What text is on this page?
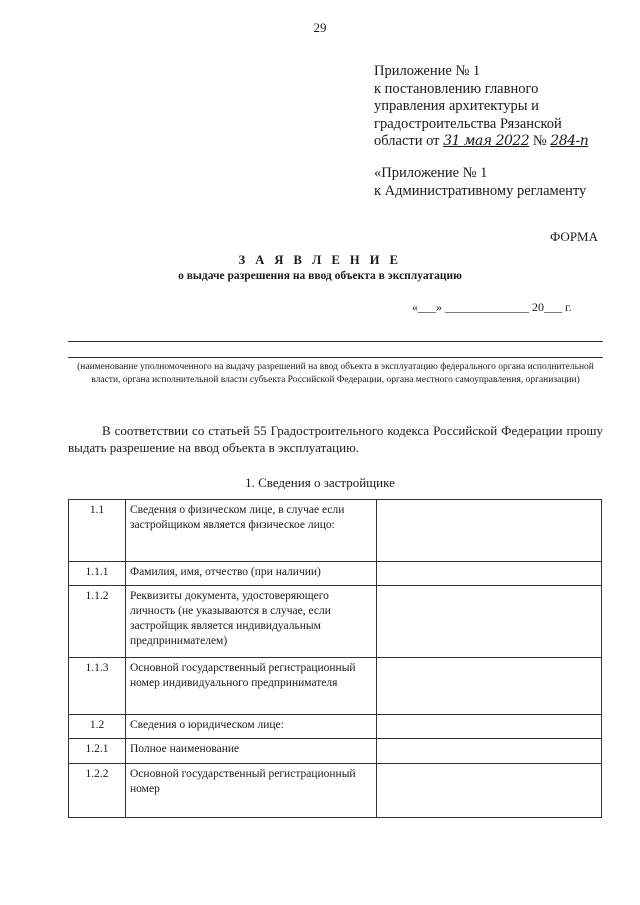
29
Приложение № 1
к постановлению главного
управления архитектуры и
градостроительства Рязанской
области от 31 мая 2022 № 284-п
«Приложение № 1
к Административному регламенту
ФОРМА
З А Я В Л Е Н И Е
о выдаче разрешения на ввод объекта в эксплуатацию
«___» ______________ 20___ г.
(наименование уполномоченного на выдачу разрешений на ввод объекта в эксплуатацию федерального органа исполнительной власти, органа исполнительной власти субъекта Российской Федерации, органа местного самоуправления, организации)
В соответствии со статьей 55 Градостроительного кодекса Российской Федерации прошу выдать разрешение на ввод объекта в эксплуатацию.
1. Сведения о застройщике
1.1	Сведения о физическом лице, в случае если застройщиком является физическое лицо:	
1.1.1	Фамилия, имя, отчество (при наличии)	
1.1.2	Реквизиты документа, удостоверяющего личность (не указываются в случае, если застройщик является индивидуальным предпринимателем)	
1.1.3	Основной государственный регистрационный номер индивидуального предпринимателя	
1.2	Сведения о юридическом лице:	
1.2.1	Полное наименование	
1.2.2	Основной государственный регистрационный номер	
